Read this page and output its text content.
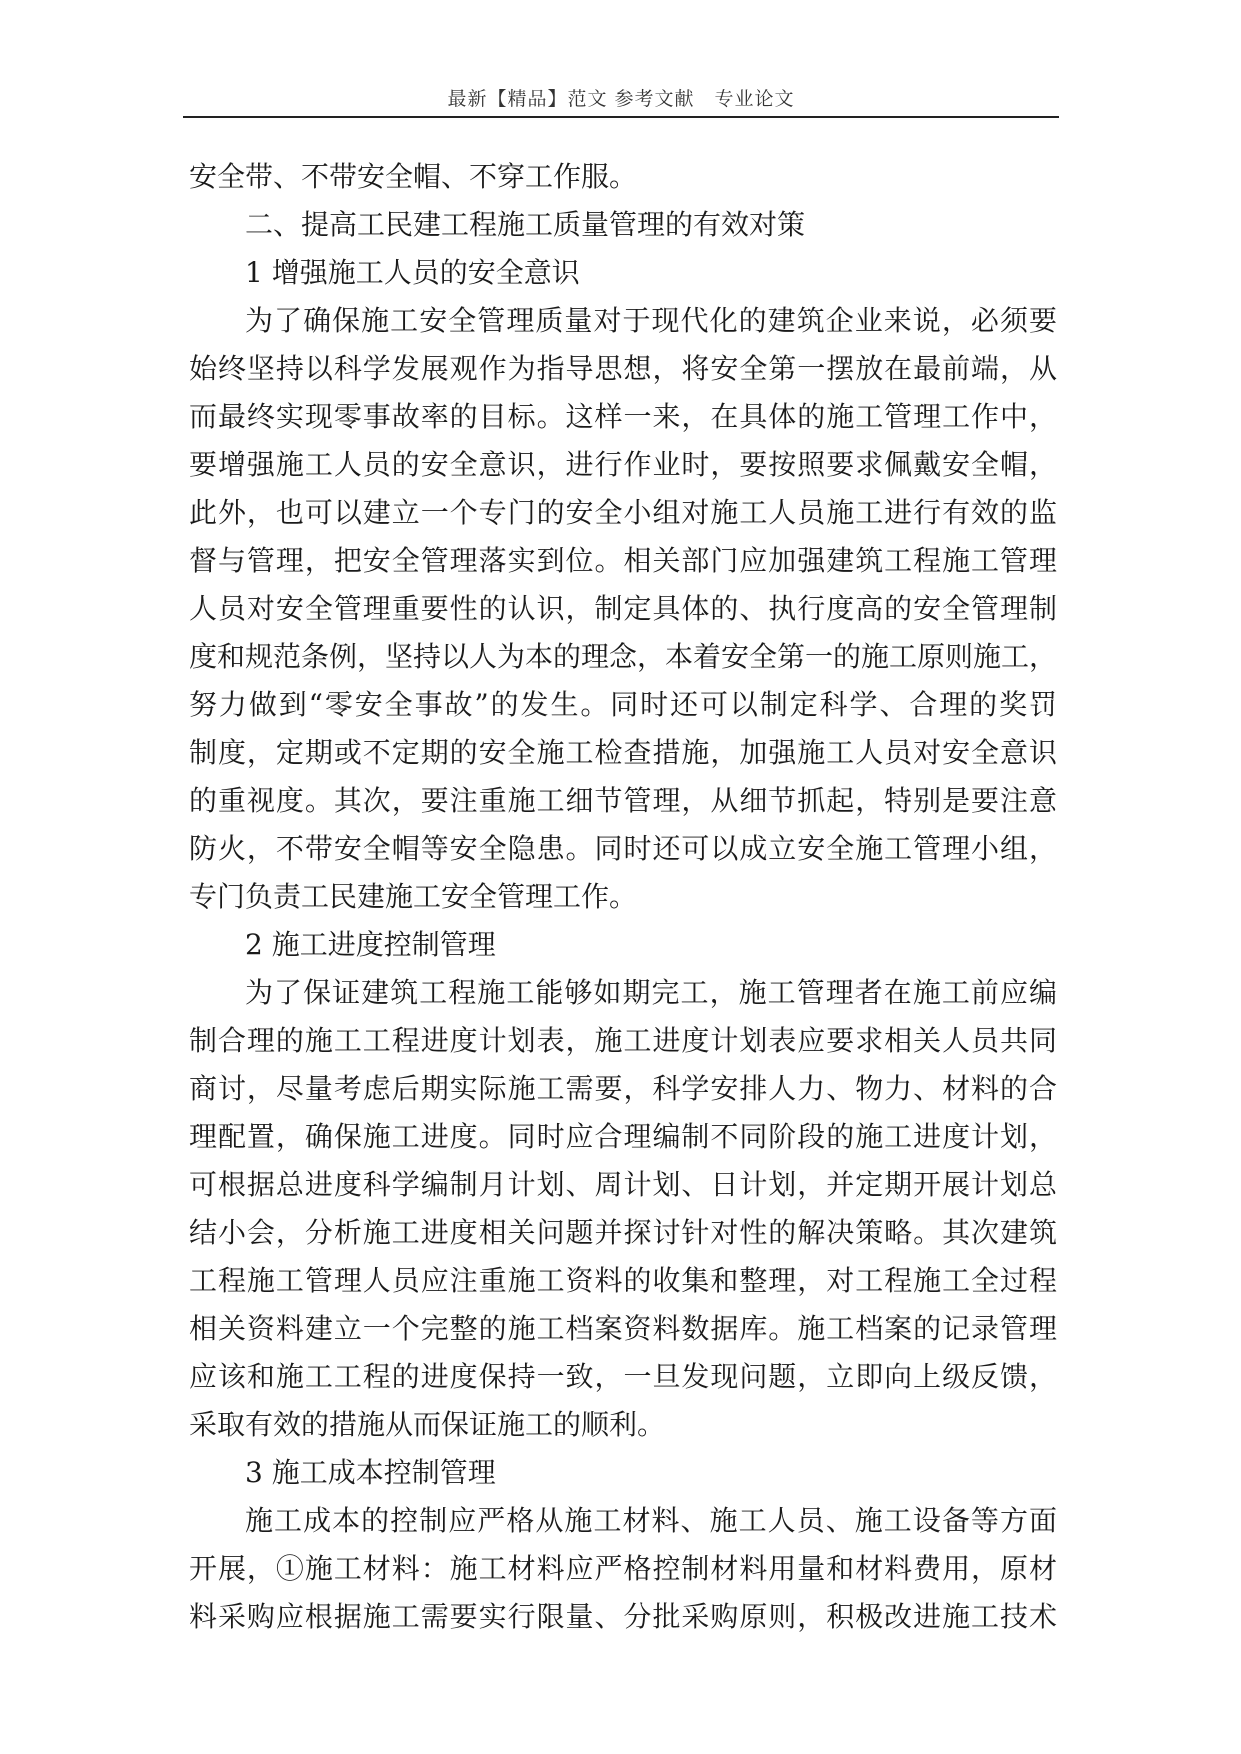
最新【精品】范文 参考文献　专业论文
安全带、不带安全帽、不穿工作服。
二、提高工民建工程施工质量管理的有效对策
1 增强施工人员的安全意识
为了确保施工安全管理质量对于现代化的建筑企业来说，必须要
始终坚持以科学发展观作为指导思想，将安全第一摆放在最前端，从
而最终实现零事故率的目标。这样一来，在具体的施工管理工作中，
要增强施工人员的安全意识，进行作业时，要按照要求佩戴安全帽，
此外，也可以建立一个专门的安全小组对施工人员施工进行有效的监
督与管理，把安全管理落实到位。相关部门应加强建筑工程施工管理
人员对安全管理重要性的认识，制定具体的、执行度高的安全管理制
度和规范条例，坚持以人为本的理念，本着安全第一的施工原则施工，
努力做到“零安全事故”的发生。同时还可以制定科学、合理的奖罚
制度，定期或不定期的安全施工检查措施，加强施工人员对安全意识
的重视度。其次，要注重施工细节管理，从细节抓起，特别是要注意
防火，不带安全帽等安全隐患。同时还可以成立安全施工管理小组，
专门负责工民建施工安全管理工作。
2 施工进度控制管理
为了保证建筑工程施工能够如期完工，施工管理者在施工前应编
制合理的施工工程进度计划表，施工进度计划表应要求相关人员共同
商讨，尽量考虑后期实际施工需要，科学安排人力、物力、材料的合
理配置，确保施工进度。同时应合理编制不同阶段的施工进度计划，
可根据总进度科学编制月计划、周计划、日计划，并定期开展计划总
结小会，分析施工进度相关问题并探讨针对性的解决策略。其次建筑
工程施工管理人员应注重施工资料的收集和整理，对工程施工全过程
相关资料建立一个完整的施工档案资料数据库。施工档案的记录管理
应该和施工工程的进度保持一致，一旦发现问题，立即向上级反馈，
采取有效的措施从而保证施工的顺利。
3 施工成本控制管理
施工成本的控制应严格从施工材料、施工人员、施工设备等方面
开展，①施工材料：施工材料应严格控制材料用量和材料费用，原材
料采购应根据施工需要实行限量、分批采购原则，积极改进施工技术
